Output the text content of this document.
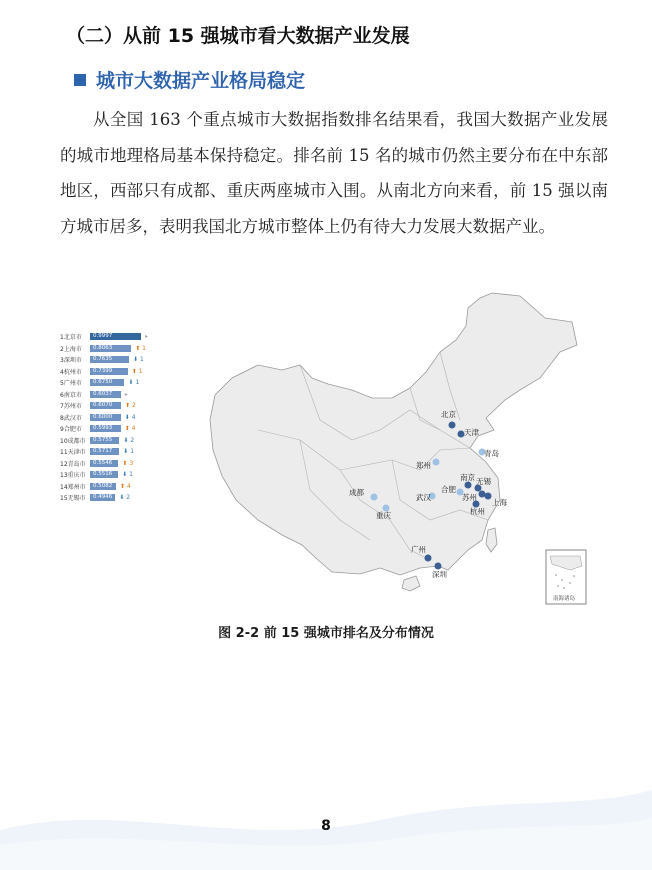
（二）从前 15 强城市看大数据产业发展
城市大数据产业格局稳定

从全国 163 个重点城市大数据指数排名结果看，我国大数据产业发展的城市地理格局基本保持稳定。排名前 15 名的城市仍然主要分布在中东部地区，西部只有成都、重庆两座城市入围。从南北方向来看，前 15 强以南方城市居多，表明我国北方城市整体上仍有待大力发展大数据产业。

北京
天津
青岛
郑州
南京 无锡
合肥
苏州
武汉
上海
杭州
成都
重庆
广州
深圳
南海诸岛
1北京市	0.9997	▸
2上海市	0.8063	⬆ 1
3深圳市	0.7635	⬇ 1
4杭州市	0.7399	⬆ 1
5广州市	0.6750	⬇ 1
6南京市	0.6037 ▸
7苏州市	0.6070 ⬆ 2
8武汉市	0.6000 ⬇ 4
9合肥市	0.5993 ⬆ 4
10成都市	0.5755 ⬇ 2
11天津市	0.5717 ⬇ 1
12青岛市	0.5546 ⬆ 3
13重庆市	0.5516 ⬇ 1
14郑州市	0.5082 ⬆ 4
15无锡市	0.4946 ⬇ 2
图 2-2 前 15 强城市排名及分布情况
8
